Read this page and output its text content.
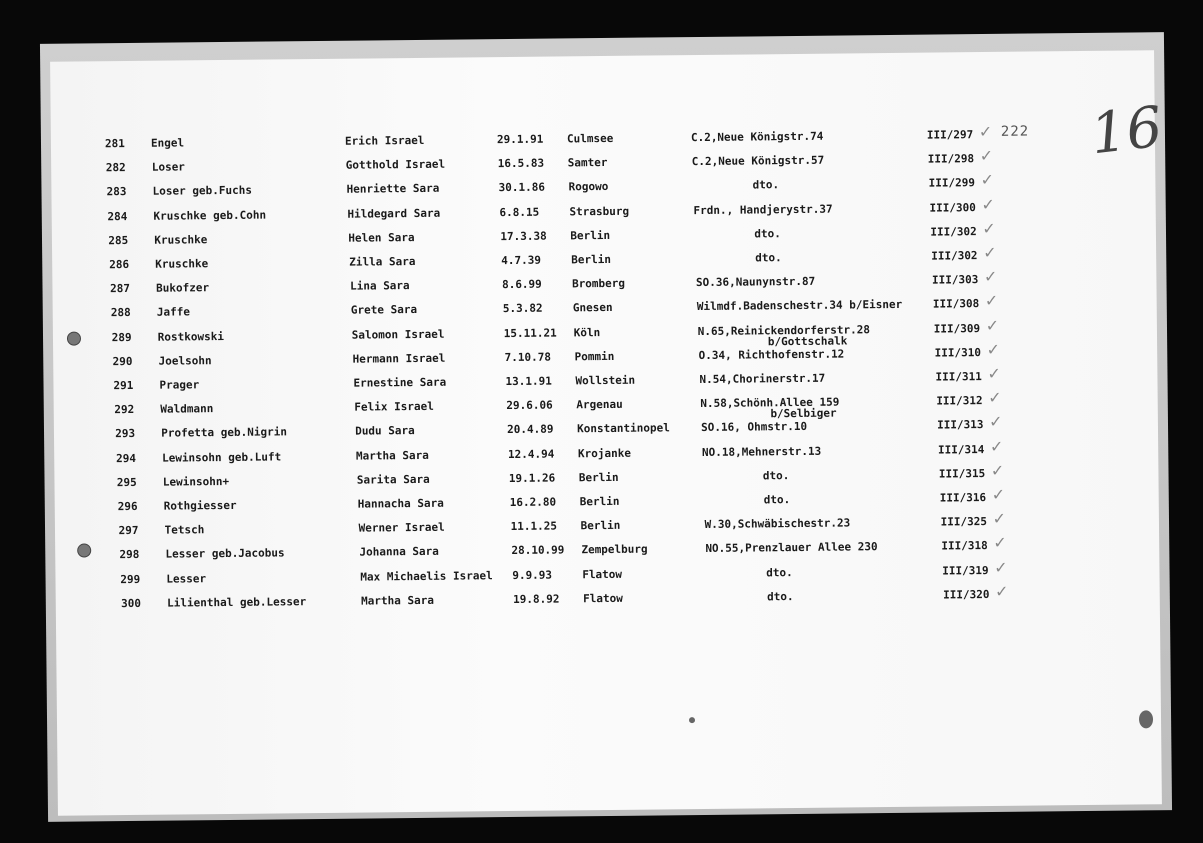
222 16
281 Engel	Erich Israel	29.1.91 Culmsee	C.2,Neue Königstr.74	III/297 ✓
282 Loser	Gotthold Israel	16.5.83 Samter	C.2,Neue Königstr.57	III/298 ✓
283 Loser geb.Fuchs	Henriette Sara	30.1.86 Rogowo	dto.	III/299 ✓
284 Kruschke geb.Cohn	Hildegard Sara	6.8.15	Strasburg	Frdn., Handjerystr.37	III/300 ✓
285 Kruschke	Helen Sara	17.3.38 Berlin	dto.	III/302 ✓
286 Kruschke	Zilla Sara	4.7.39	Berlin	dto.	III/302 ✓
287 Bukofzer	Lina Sara	8.6.99	Bromberg	SO.36,Naunynstr.87	III/303 ✓
288 Jaffe	Grete Sara	5.3.82	Gnesen	Wilmdf.Badenschestr.34 b/Eisner	III/308 ✓
289 Rostkowski	Salomon Israel	15.11.21 Köln	N.65,Reinickendorferstr.28	III/309 ✓
b/Gottschalk
290 Joelsohn	Hermann Israel	7.10.78 Pommin	O.34, Richthofenstr.12	III/310 ✓
291 Prager	Ernestine Sara	13.1.91 Wollstein	N.54,Chorinerstr.17	III/311 ✓
292 Waldmann	Felix Israel	29.6.06 Argenau	N.58,Schönh.Allee 159	III/312 ✓
b/Selbiger
293 Profetta geb.Nigrin	Dudu Sara	20.4.89 Konstantinopel	SO.16, Ohmstr.10	III/313 ✓
294 Lewinsohn geb.Luft	Martha Sara	12.4.94 Krojanke	NO.18,Mehnerstr.13	III/314 ✓
295 Lewinsohn+	Sarita Sara	19.1.26 Berlin	dto.	III/315 ✓
296 Rothgiesser	Hannacha Sara	16.2.80 Berlin	dto.	III/316 ✓
297 Tetsch	Werner Israel	11.1.25 Berlin	W.30,Schwäbischestr.23	III/325 ✓
298 Lesser geb.Jacobus	Johanna Sara	28.10.99 Zempelburg	NO.55,Prenzlauer Allee 230	III/318 ✓
299 Lesser	Max Michaelis Israel 9.9.93	Flatow	dto.	III/319 ✓
300 Lilienthal geb.Lesser	Martha Sara	19.8.92 Flatow	dto.	III/320 ✓
